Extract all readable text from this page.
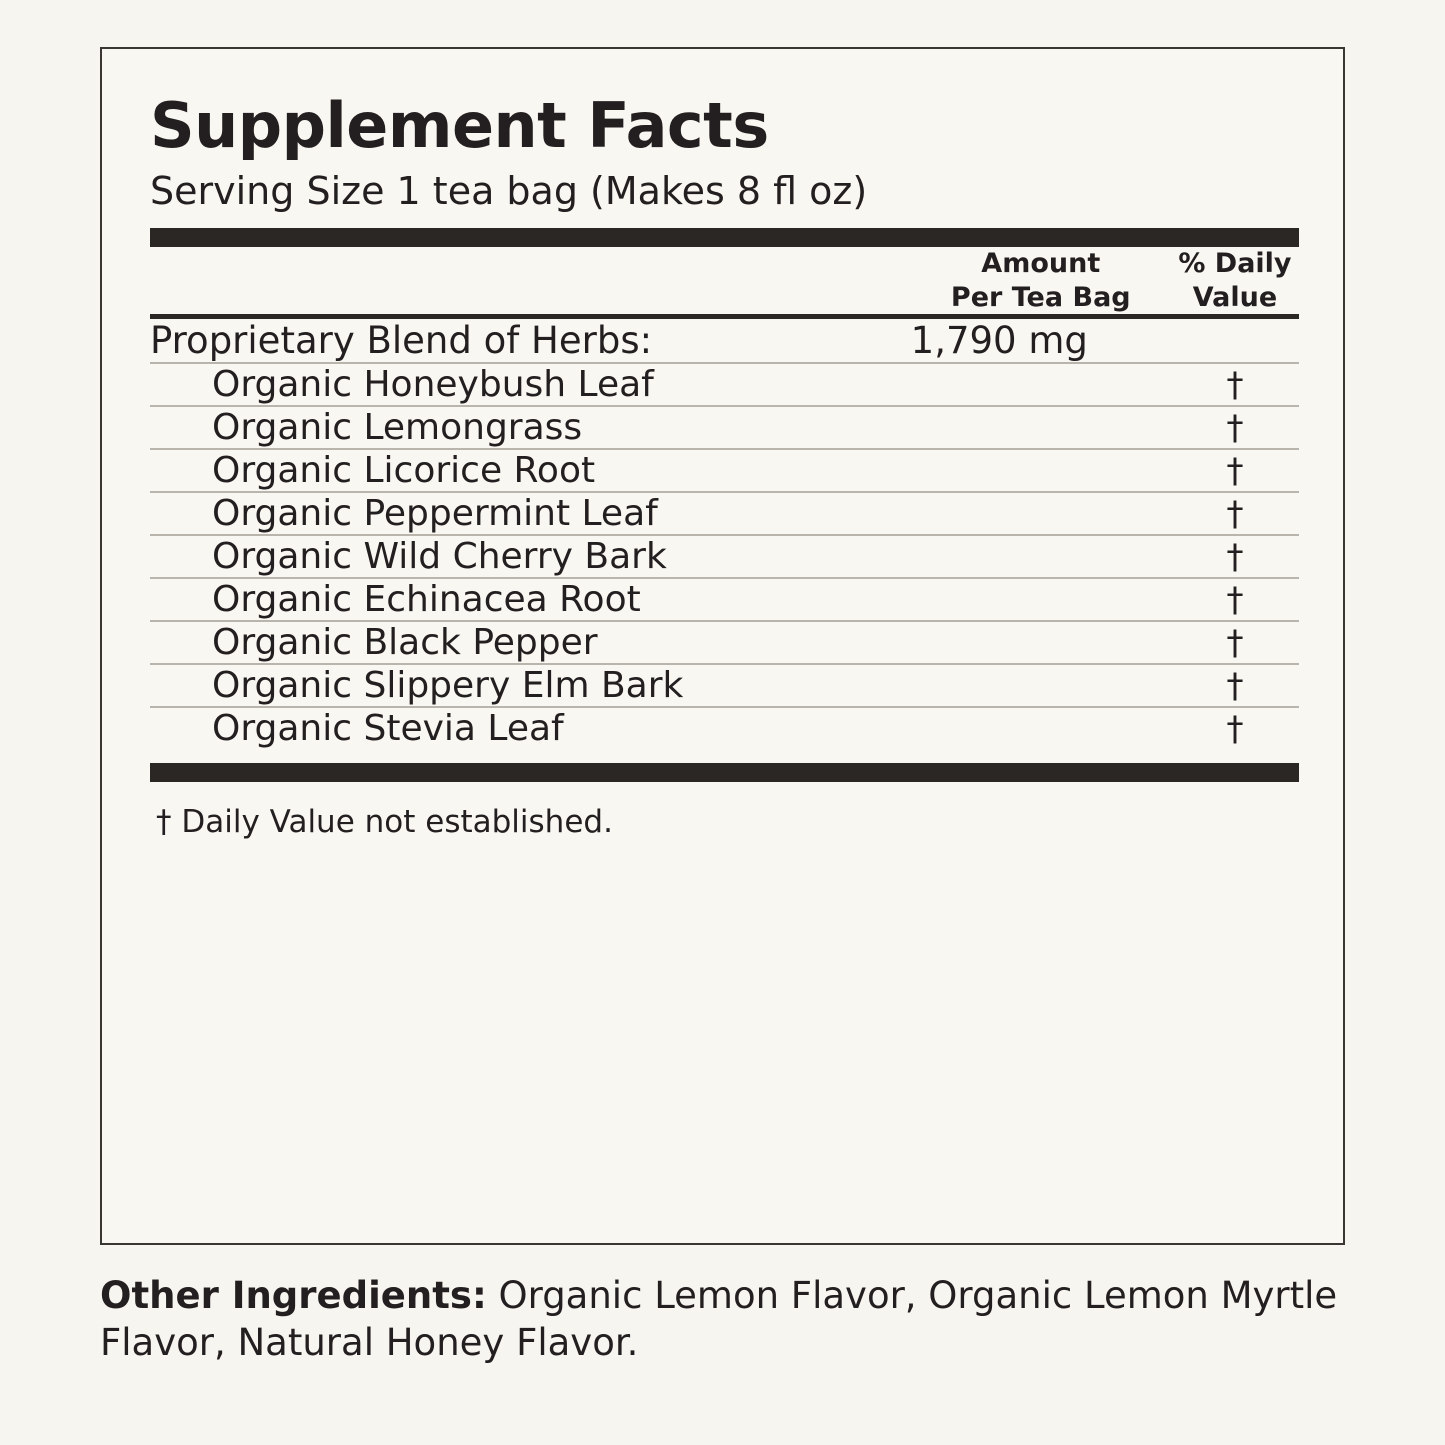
Supplement Facts
Serving Size 1 tea bag (Makes 8 fl oz)

Amount
Per Tea Bag

% Daily
Value

Proprietary Blend of Herbs:	1,790 mg	

Organic Honeybush Leaf		†

Organic Lemongrass		†

Organic Licorice Root		†

Organic Peppermint Leaf		†

Organic Wild Cherry Bark		†

Organic Echinacea Root		†

Organic Black Pepper		†

Organic Slippery Elm Bark		†

Organic Stevia Leaf		†
† Daily Value not established.
Other Ingredients: Organic Lemon Flavor, Organic Lemon Myrtle Flavor, Natural Honey Flavor.
